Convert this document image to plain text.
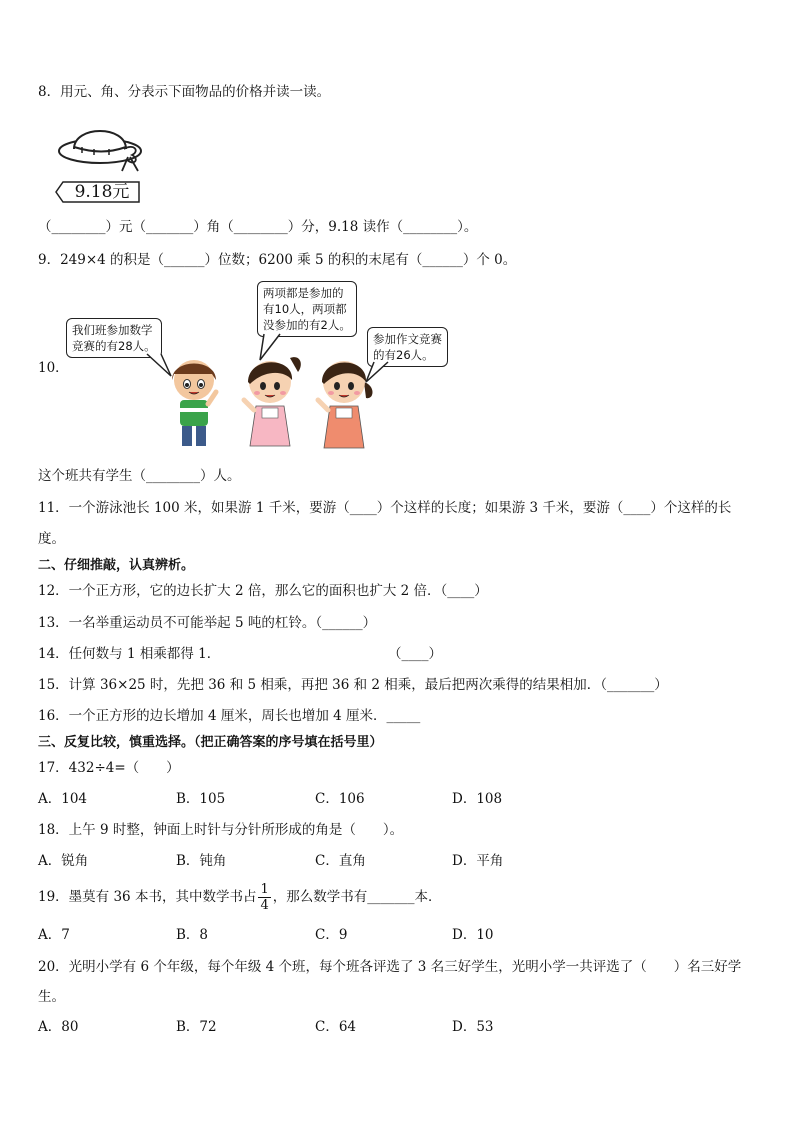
8．用元、角、分表示下面物品的价格并读一读。
9.18元
（________）元（_______）角（________）分，9.18 读作（________）。
9．249×4 的积是（______）位数；6200 乘 5 的积的末尾有（______）个 0。
10．
我们班参加数学
竞赛的有28人。
两项都是参加的
有10人，两项都
没参加的有2人。
参加作文竞赛
的有26人。
这个班共有学生（________）人。
11．一个游泳池长 100 米，如果游 1 千米，要游（____）个这样的长度；如果游 3 千米，要游（____）个这样的长
度。
二、仔细推敲，认真辨析。
12．一个正方形，它的边长扩大 2 倍，那么它的面积也扩大 2 倍．（____）
13．一名举重运动员不可能举起 5 吨的杠铃。（______）
14．任何数与 1 相乘都得 1．	（____）
15．计算 36×25 时，先把 36 和 5 相乘，再把 36 和 2 相乘，最后把两次乘得的结果相加．（_______）
16．一个正方形的边长增加 4 厘米，周长也增加 4 厘米．_____
三、反复比较，慎重选择。（把正确答案的序号填在括号里）
17．432÷4=（　　）
A．104	B．105	C．106	D．108
18．上午 9 时整，钟面上时针与分针所形成的角是（　　）。
A．锐角	B．钝角	C．直角	D．平角
19．墨莫有 36 本书，其中数学书占 $\frac{1}{4}$ ，那么数学书有_______本．
A．7	B．8	C．9	D．10
20．光明小学有 6 个年级，每个年级 4 个班，每个班各评选了 3 名三好学生，光明小学一共评选了（　　）名三好学
生。
A．80	B．72	C．64	D．53
